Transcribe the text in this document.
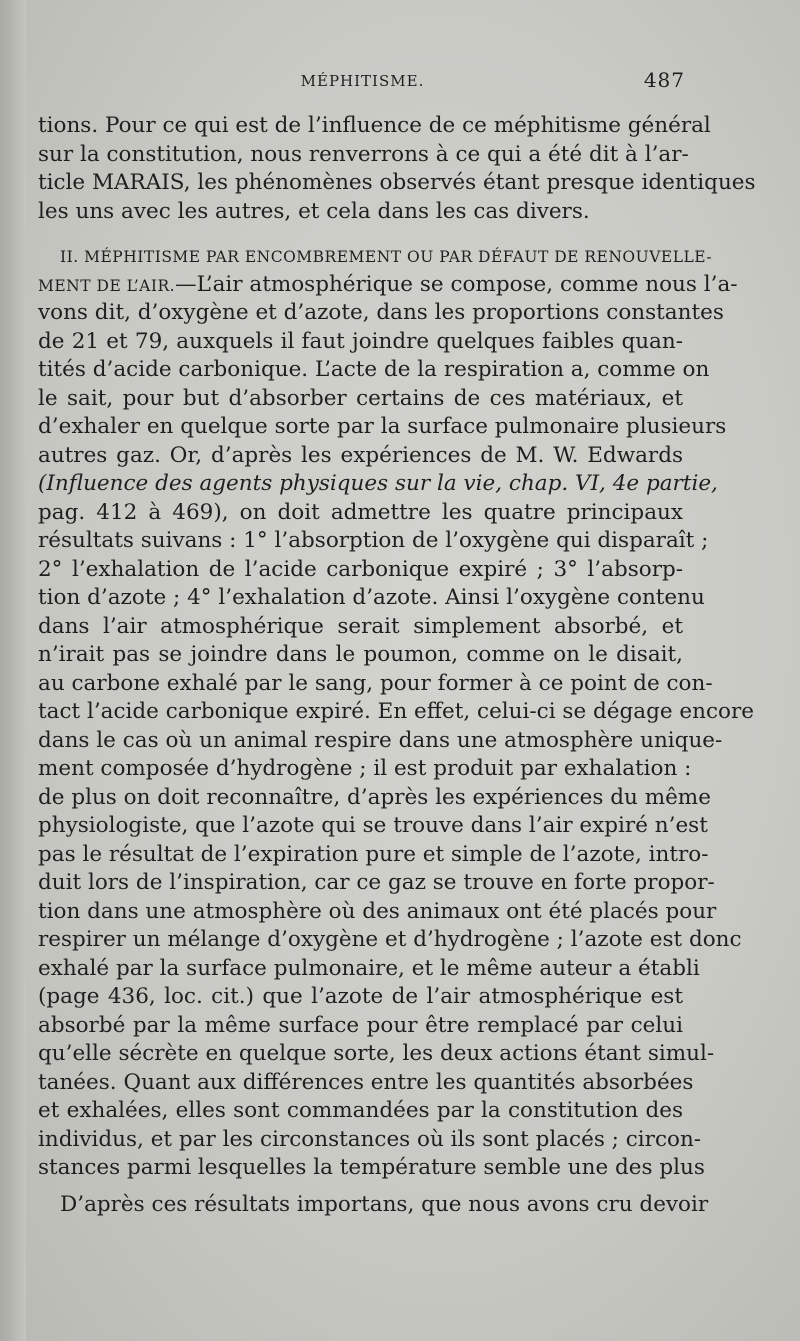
MÉPHITISME.	487
tions. Pour ce qui est de l’influence de ce méphitisme général
sur la constitution, nous renverrons à ce qui a été dit à l’ar-
ticle MARAIS, les phénomènes observés étant presque identiques
les uns avec les autres, et cela dans les cas divers.
II. MÉPHITISME PAR ENCOMBREMENT OU PAR DÉFAUT DE RENOUVELLE-
MENT DE L’AIR.—L’air atmosphérique se compose, comme nous l’a-
vons dit, d’oxygène et d’azote, dans les proportions constantes
de 21 et 79, auxquels il faut joindre quelques faibles quan-
tités d’acide carbonique. L’acte de la respiration a, comme on
le sait, pour but d’absorber certains de ces matériaux, et
d’exhaler en quelque sorte par la surface pulmonaire plusieurs
autres gaz. Or, d’après les expériences de M. W. Edwards
(Influence des agents physiques sur la vie, chap. VI, 4e partie,
pag. 412 à 469), on doit admettre les quatre principaux
résultats suivans : 1° l’absorption de l’oxygène qui disparaît ;
2° l’exhalation de l’acide carbonique expiré ; 3° l’absorp-
tion d’azote ; 4° l’exhalation d’azote. Ainsi l’oxygène contenu
dans l’air atmosphérique serait simplement absorbé, et
n’irait pas se joindre dans le poumon, comme on le disait,
au carbone exhalé par le sang, pour former à ce point de con-
tact l’acide carbonique expiré. En effet, celui-ci se dégage encore
dans le cas où un animal respire dans une atmosphère unique-
ment composée d’hydrogène ; il est produit par exhalation :
de plus on doit reconnaître, d’après les expériences du même
physiologiste, que l’azote qui se trouve dans l’air expiré n’est
pas le résultat de l’expiration pure et simple de l’azote, intro-
duit lors de l’inspiration, car ce gaz se trouve en forte propor-
tion dans une atmosphère où des animaux ont été placés pour
respirer un mélange d’oxygène et d’hydrogène ; l’azote est donc
exhalé par la surface pulmonaire, et le même auteur a établi
(page 436, loc. cit.) que l’azote de l’air atmosphérique est
absorbé par la même surface pour être remplacé par celui
qu’elle sécrète en quelque sorte, les deux actions étant simul-
tanées. Quant aux différences entre les quantités absorbées
et exhalées, elles sont commandées par la constitution des
individus, et par les circonstances où ils sont placés ; circon-
stances parmi lesquelles la température semble une des plus
D’après ces résultats importans, que nous avons cru devoir
